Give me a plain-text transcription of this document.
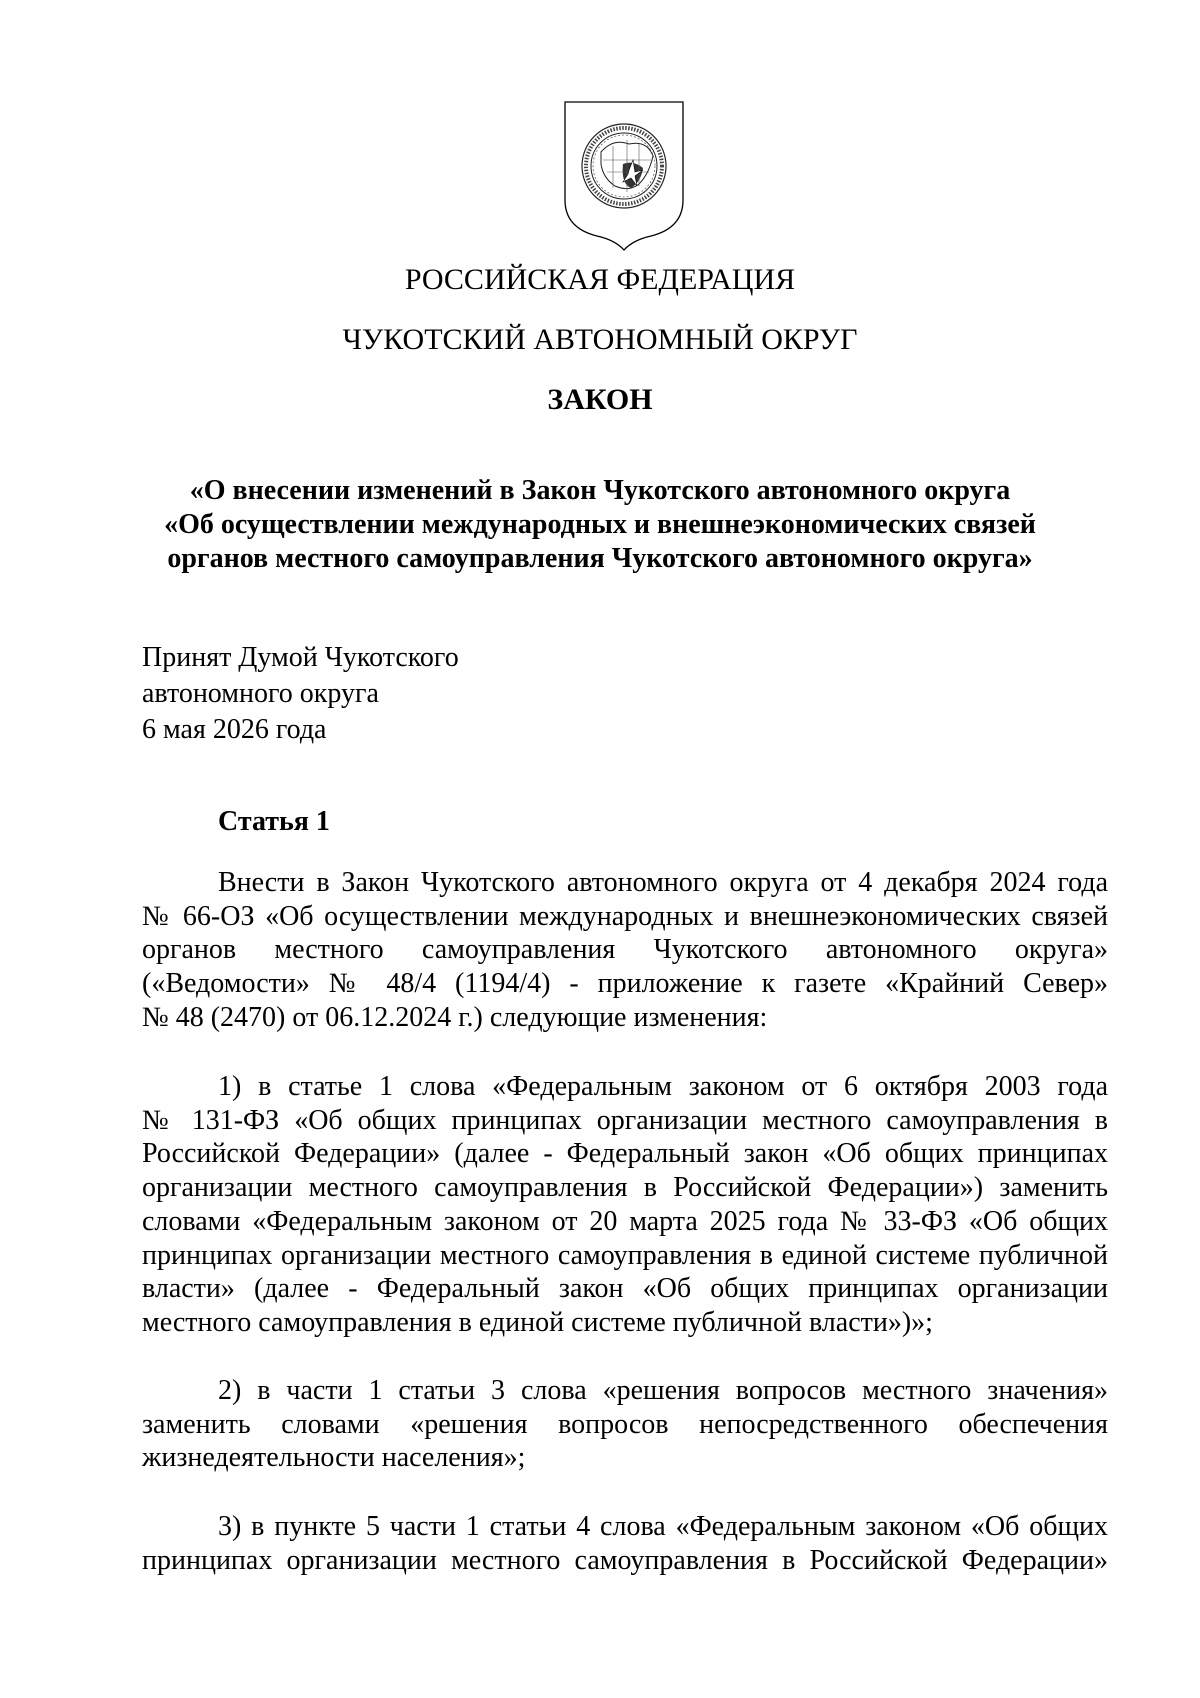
РОССИЙСКАЯ ФЕДЕРАЦИЯ
ЧУКОТСКИЙ АВТОНОМНЫЙ ОКРУГ
ЗАКОН
«О внесении изменений в Закон Чукотского автономного округа
«Об осуществлении международных и внешнеэкономических связей
органов местного самоуправления Чукотского автономного округа»
Принят Думой Чукотского
автономного округа
6 мая 2026 года
Статья 1
Внести в Закон Чукотского автономного округа от 4 декабря 2024 года
№ 66-ОЗ «Об осуществлении международных и внешнеэкономических связей
органов местного самоуправления Чукотского автономного округа»
(«Ведомости» № 48/4 (1194/4) - приложение к газете «Крайний Север»
№ 48 (2470) от 06.12.2024 г.) следующие изменения:
1) в статье 1 слова «Федеральным законом от 6 октября 2003 года
№ 131-ФЗ «Об общих принципах организации местного самоуправления в
Российской Федерации» (далее - Федеральный закон «Об общих принципах
организации местного самоуправления в Российской Федерации») заменить
словами «Федеральным законом от 20 марта 2025 года № 33-ФЗ «Об общих
принципах организации местного самоуправления в единой системе публичной
власти» (далее - Федеральный закон «Об общих принципах организации
местного самоуправления в единой системе публичной власти»)»;
2) в части 1 статьи 3 слова «решения вопросов местного значения»
заменить словами «решения вопросов непосредственного обеспечения
жизнедеятельности населения»;
3) в пункте 5 части 1 статьи 4 слова «Федеральным законом «Об общих
принципах организации местного самоуправления в Российской Федерации»
